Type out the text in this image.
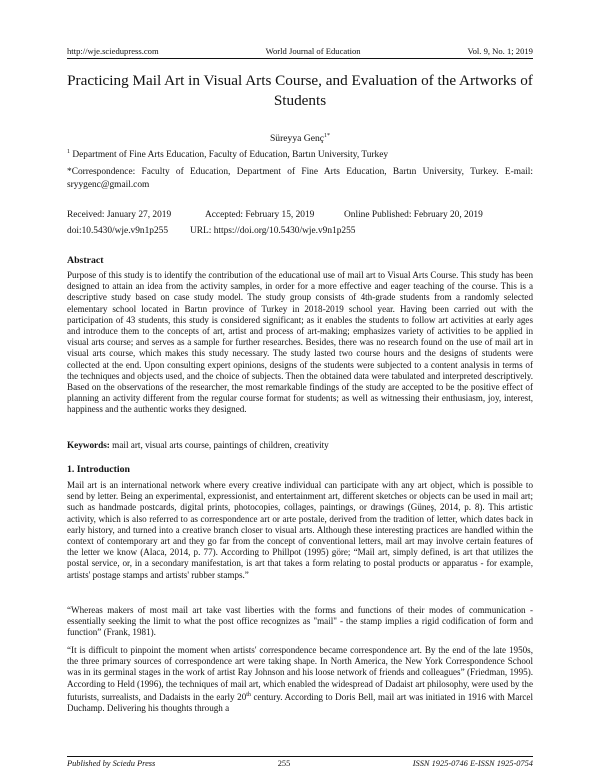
http://wje.sciedupress.com	World Journal of Education	Vol. 9, No. 1; 2019
Practicing Mail Art in Visual Arts Course, and Evaluation of the Artworks of Students
Süreyya Genç$^{1*}$
$^1$ Department of Fine Arts Education, Faculty of Education, Bartın University, Turkey
*Correspondence: Faculty of Education, Department of Fine Arts Education, Bartın University, Turkey. E-mail: sryygenc@gmail.com
Received: January 27, 2019	Accepted: February 15, 2019	Online Published: February 20, 2019
doi:10.5430/wje.v9n1p255	URL: https://doi.org/10.5430/wje.v9n1p255
Abstract

Purpose of this study is to identify the contribution of the educational use of mail art to Visual Arts Course. This study has been designed to attain an idea from the activity samples, in order for a more effective and eager teaching of the course. This is a descriptive study based on case study model. The study group consists of 4th-grade students from a randomly selected elementary school located in Bartın province of Turkey in 2018-2019 school year. Having been carried out with the participation of 43 students, this study is considered significant; as it enables the students to follow art activities at early ages and introduce them to the concepts of art, artist and process of art-making; emphasizes variety of activities to be applied in visual arts course; and serves as a sample for further researches. Besides, there was no research found on the use of mail art in visual arts course, which makes this study necessary. The study lasted two course hours and the designs of students were collected at the end. Upon consulting expert opinions, designs of the students were subjected to a content analysis in terms of the techniques and objects used, and the choice of subjects. Then the obtained data were tabulated and interpreted descriptively. Based on the observations of the researcher, the most remarkable findings of the study are accepted to be the positive effect of planning an activity different from the regular course format for students; as well as witnessing their enthusiasm, joy, interest, happiness and the authentic works they designed.

Keywords: mail art, visual arts course, paintings of children, creativity
1. Introduction

Mail art is an international network where every creative individual can participate with any art object, which is possible to send by letter. Being an experimental, expressionist, and entertainment art, different sketches or objects can be used in mail art; such as handmade postcards, digital prints, photocopies, collages, paintings, or drawings (Güneş, 2014, p. 8). This artistic activity, which is also referred to as correspondence art or arte postale, derived from the tradition of letter, which dates back in early history, and turned into a creative branch closer to visual arts. Although these interesting practices are handled within the context of contemporary art and they go far from the concept of conventional letters, mail art may involve certain features of the letter we know (Alaca, 2014, p. 77). According to Phillpot (1995) göre; “Mail art, simply defined, is art that utilizes the postal service, or, in a secondary manifestation, is art that takes a form relating to postal products or apparatus - for example, artists' postage stamps and artists' rubber stamps.”

“Whereas makers of most mail art take vast liberties with the forms and functions of their modes of communication - essentially seeking the limit to what the post office recognizes as "mail" - the stamp implies a rigid codification of form and function” (Frank, 1981).

“It is difficult to pinpoint the moment when artists' correspondence became correspondence art. By the end of the late 1950s, the three primary sources of correspondence art were taking shape. In North America, the New York Correspondence School was in its germinal stages in the work of artist Ray Johnson and his loose network of friends and colleagues” (Friedman, 1995). According to Held (1996), the techniques of mail art, which enabled the widespread of Dadaist art philosophy, were used by the futurists, surrealists, and Dadaists in the early 20th century. According to Doris Bell, mail art was initiated in 1916 with Marcel Duchamp. Delivering his thoughts through a

Published by Sciedu Press	255	ISSN 1925-0746 E-ISSN 1925-0754
